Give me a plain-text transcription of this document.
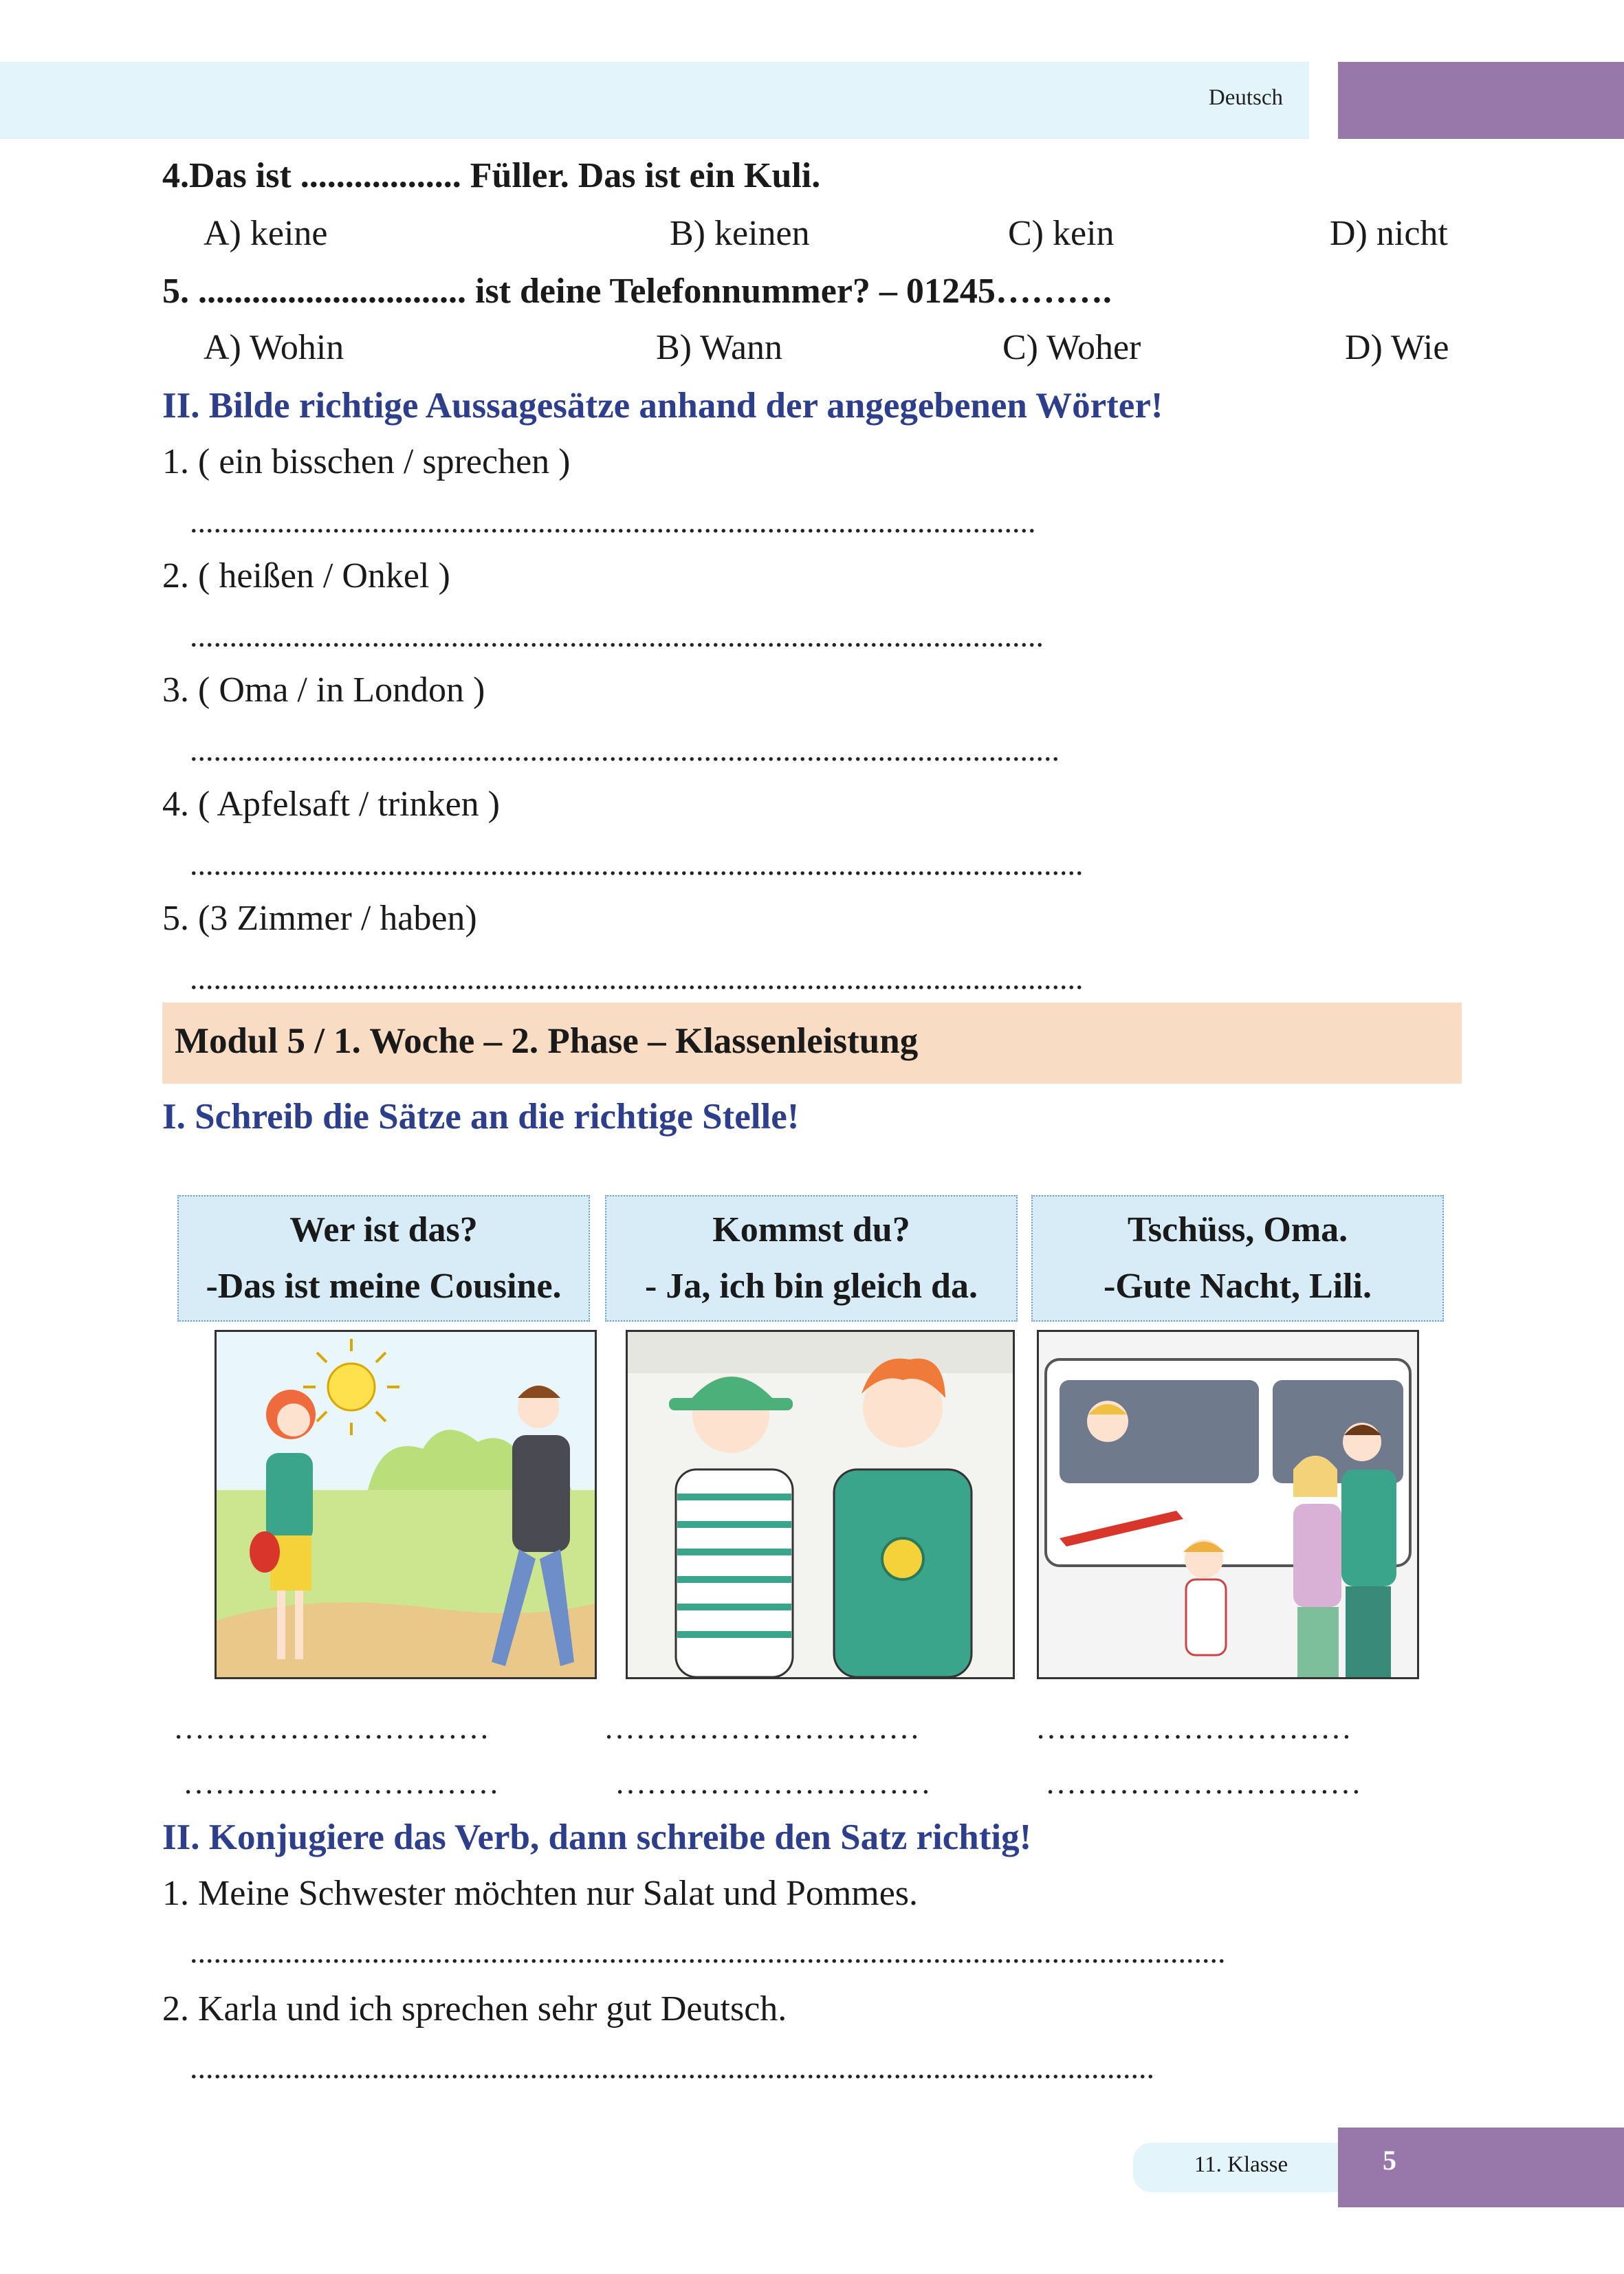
Deutsch
4.Das ist .................. Füller. Das ist ein Kuli.
A) keine	B) keinen	C) kein	D) nicht
5. .............................. ist deine Telefonnummer? – 01245……….
A) Wohin	B) Wann	C) Woher	D) Wie
II. Bilde richtige Aussagesätze anhand der angegebenen Wörter!
1. ( ein bisschen / sprechen )
...........................................................................................................
2. ( heißen / Onkel )
............................................................................................................
3. ( Oma / in London )
..............................................................................................................
4. ( Apfelsaft / trinken )
.................................................................................................................
5. (3 Zimmer / haben)
.................................................................................................................
Modul 5 / 1. Woche – 2. Phase – Klassenleistung
I. Schreib die Sätze an die richtige Stelle!
Wer ist das?
-Das ist meine Cousine.
Kommst du?
- Ja, ich bin gleich da.
Tschüss, Oma.
-Gute Nacht, Lili.
…………………………	…………………………	…………………………
…………………………	…………………………	…………………………
II. Konjugiere das Verb, dann schreibe den Satz richtig!
1. Meine Schwester möchten nur Salat und Pommes.
...................................................................................................................................
2. Karla und ich sprechen sehr gut Deutsch.
..........................................................................................................................
11. Klasse	5
